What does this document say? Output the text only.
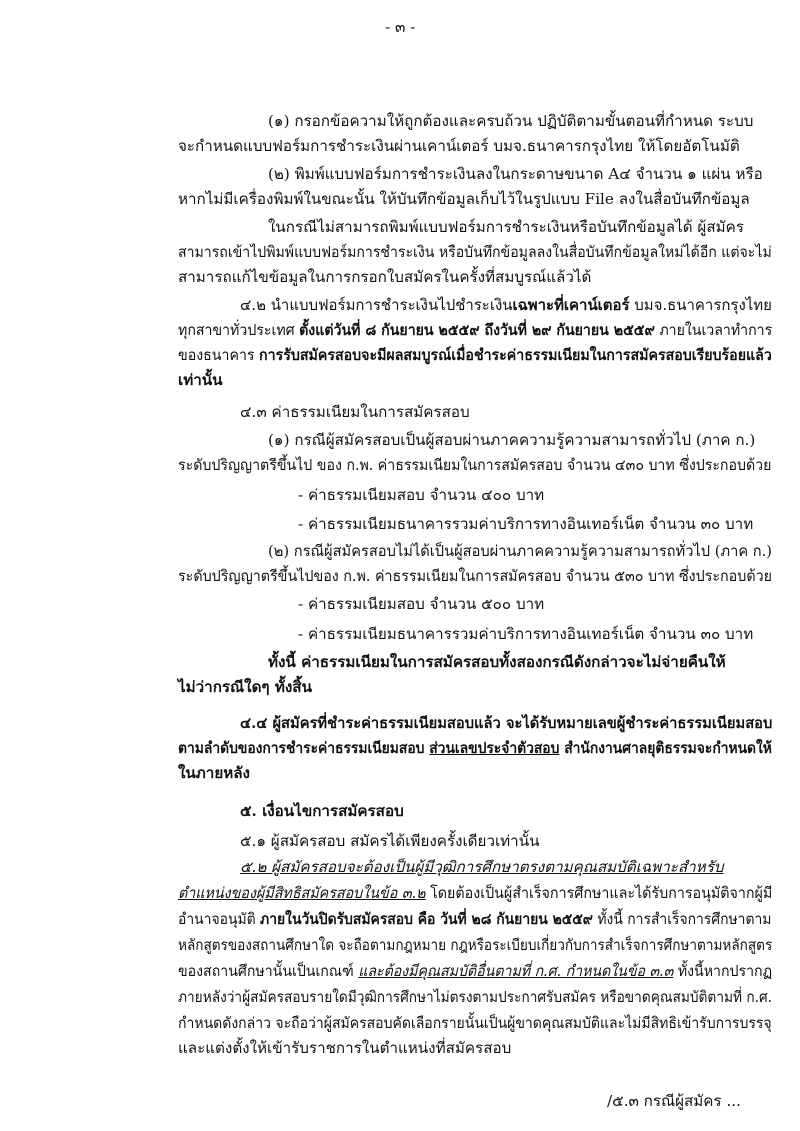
- ๓ -
(๑) กรอกข้อความให้ถูกต้องและครบถ้วน ปฏิบัติตามขั้นตอนที่กำหนด ระบบ
จะกำหนดแบบฟอร์มการชำระเงินผ่านเคาน์เตอร์ บมจ.ธนาคารกรุงไทย ให้โดยอัตโนมัติ
(๒) พิมพ์แบบฟอร์มการชำระเงินลงในกระดาษขนาด A๔ จำนวน ๑ แผ่น หรือ
หากไม่มีเครื่องพิมพ์ในขณะนั้น ให้บันทึกข้อมูลเก็บไว้ในรูปแบบ File ลงในสื่อบันทึกข้อมูล
ในกรณีไม่สามารถพิมพ์แบบฟอร์มการชำระเงินหรือบันทึกข้อมูลได้ ผู้สมัคร
สามารถเข้าไปพิมพ์แบบฟอร์มการชำระเงิน หรือบันทึกข้อมูลลงในสื่อบันทึกข้อมูลใหม่ได้อีก แต่จะไม่
สามารถแก้ไขข้อมูลในการกรอกใบสมัครในครั้งที่สมบูรณ์แล้วได้
๔.๒ นำแบบฟอร์มการชำระเงินไปชำระเงินเฉพาะที่เคาน์เตอร์ บมจ.ธนาคารกรุงไทย
ทุกสาขาทั่วประเทศ ตั้งแต่วันที่ ๘ กันยายน ๒๕๕๙ ถึงวันที่ ๒๙ กันยายน ๒๕๕๙ ภายในเวลาทำการ
ของธนาคาร การรับสมัครสอบจะมีผลสมบูรณ์เมื่อชำระค่าธรรมเนียมในการสมัครสอบเรียบร้อยแล้ว
เท่านั้น
๔.๓ ค่าธรรมเนียมในการสมัครสอบ
(๑) กรณีผู้สมัครสอบเป็นผู้สอบผ่านภาคความรู้ความสามารถทั่วไป (ภาค ก.)
ระดับปริญญาตรีขึ้นไป ของ ก.พ. ค่าธรรมเนียมในการสมัครสอบ จำนวน ๔๓๐ บาท ซึ่งประกอบด้วย
- ค่าธรรมเนียมสอบ จำนวน ๔๐๐ บาท
- ค่าธรรมเนียมธนาคารรวมค่าบริการทางอินเทอร์เน็ต จำนวน ๓๐ บาท
(๒) กรณีผู้สมัครสอบไม่ได้เป็นผู้สอบผ่านภาคความรู้ความสามารถทั่วไป (ภาค ก.)
ระดับปริญญาตรีขึ้นไปของ ก.พ. ค่าธรรมเนียมในการสมัครสอบ จำนวน ๕๓๐ บาท ซึ่งประกอบด้วย
- ค่าธรรมเนียมสอบ จำนวน ๕๐๐ บาท
- ค่าธรรมเนียมธนาคารรวมค่าบริการทางอินเทอร์เน็ต จำนวน ๓๐ บาท
ทั้งนี้ ค่าธรรมเนียมในการสมัครสอบทั้งสองกรณีดังกล่าวจะไม่จ่ายคืนให้
ไม่ว่ากรณีใดๆ ทั้งสิ้น
๔.๔ ผู้สมัครที่ชำระค่าธรรมเนียมสอบแล้ว จะได้รับหมายเลขผู้ชำระค่าธรรมเนียมสอบ
ตามลำดับของการชำระค่าธรรมเนียมสอบ ส่วนเลขประจำตัวสอบ สำนักงานศาลยุติธรรมจะกำหนดให้
ในภายหลัง
๕. เงื่อนไขการสมัครสอบ
๕.๑ ผู้สมัครสอบ สมัครได้เพียงครั้งเดียวเท่านั้น
๕.๒ ผู้สมัครสอบจะต้องเป็นผู้มีวุฒิการศึกษาตรงตามคุณสมบัติเฉพาะสำหรับ
ตำแหน่งของผู้มีสิทธิสมัครสอบในข้อ ๓.๒ โดยต้องเป็นผู้สำเร็จการศึกษาและได้รับการอนุมัติจากผู้มี
อำนาจอนุมัติ ภายในวันปิดรับสมัครสอบ คือ วันที่ ๒๘ กันยายน ๒๕๕๙ ทั้งนี้ การสำเร็จการศึกษาตาม
หลักสูตรของสถานศึกษาใด จะถือตามกฎหมาย กฎหรือระเบียบเกี่ยวกับการสำเร็จการศึกษาตามหลักสูตร
ของสถานศึกษานั้นเป็นเกณฑ์ และต้องมีคุณสมบัติอื่นตามที่ ก.ศ. กำหนดในข้อ ๓.๓ ทั้งนี้หากปรากฏ
ภายหลังว่าผู้สมัครสอบรายใดมีวุฒิการศึกษาไม่ตรงตามประกาศรับสมัคร หรือขาดคุณสมบัติตามที่ ก.ศ.
กำหนดดังกล่าว จะถือว่าผู้สมัครสอบคัดเลือกรายนั้นเป็นผู้ขาดคุณสมบัติและไม่มีสิทธิเข้ารับการบรรจุ
และแต่งตั้งให้เข้ารับราชการในตำแหน่งที่สมัครสอบ
/๕.๓ กรณีผู้สมัคร ...
